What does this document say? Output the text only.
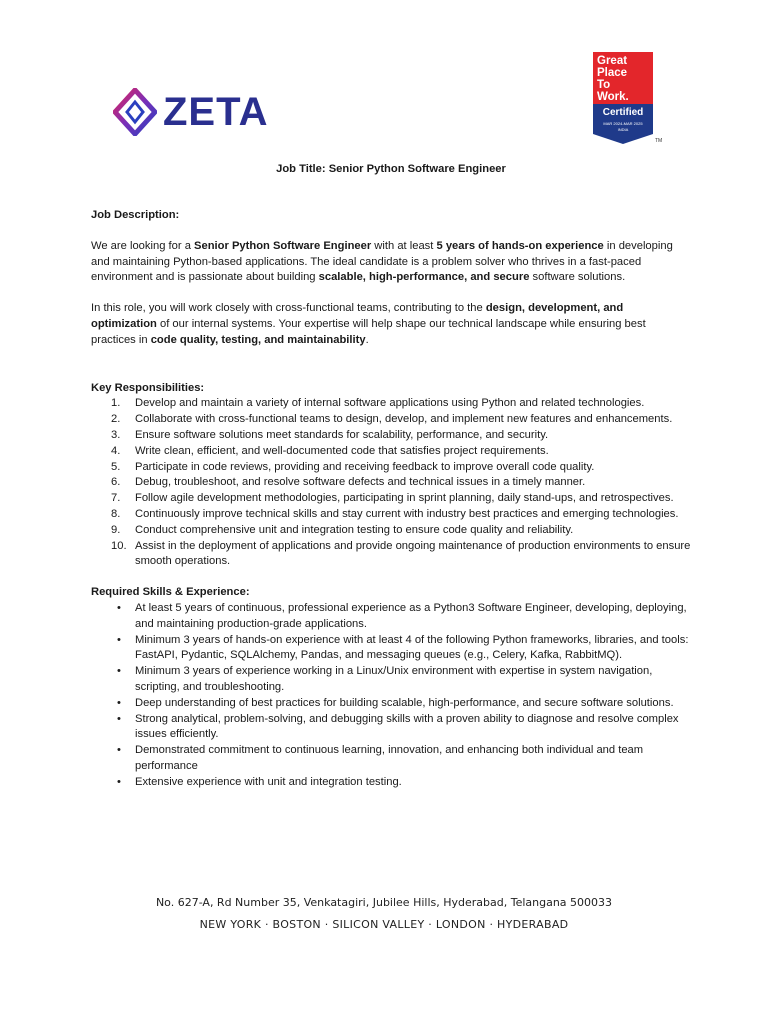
ZETA
Great
Place
To
Work.
Certified
MAR 2024-MAR 2025
INDIA
TM

Job Title: Senior Python Software Engineer

Job Description:

We are looking for a Senior Python Software Engineer with at least 5 years of hands-on experience in developing and maintaining Python-based applications. The ideal candidate is a problem solver who thrives in a fast-paced environment and is passionate about building scalable, high-performance, and secure software solutions.

In this role, you will work closely with cross-functional teams, contributing to the design, development, and optimization of our internal systems. Your expertise will help shape our technical landscape while ensuring best practices in code quality, testing, and maintainability.

Key Responsibilities:

1.	Develop and maintain a variety of internal software applications using Python and related technologies.
2.	Collaborate with cross-functional teams to design, develop, and implement new features and enhancements.
3.	Ensure software solutions meet standards for scalability, performance, and security.
4.	Write clean, efficient, and well-documented code that satisfies project requirements.
5.	Participate in code reviews, providing and receiving feedback to improve overall code quality.
6.	Debug, troubleshoot, and resolve software defects and technical issues in a timely manner.
7.	Follow agile development methodologies, participating in sprint planning, daily stand-ups, and retrospectives.
8.	Continuously improve technical skills and stay current with industry best practices and emerging technologies.
9.	Conduct comprehensive unit and integration testing to ensure code quality and reliability.
10. Assist in the deployment of applications and provide ongoing maintenance of production environments to ensure smooth operations.

Required Skills & Experience:

• At least 5 years of continuous, professional experience as a Python3 Software Engineer, developing, deploying, and maintaining production-grade applications.
• Minimum 3 years of hands-on experience with at least 4 of the following Python frameworks, libraries, and tools: FastAPI, Pydantic, SQLAlchemy, Pandas, and messaging queues (e.g., Celery, Kafka, RabbitMQ).
• Minimum 3 years of experience working in a Linux/Unix environment with expertise in system navigation, scripting, and troubleshooting.
• Deep understanding of best practices for building scalable, high-performance, and secure software solutions.
• Strong analytical, problem-solving, and debugging skills with a proven ability to diagnose and resolve complex issues efficiently.
• Demonstrated commitment to continuous learning, innovation, and enhancing both individual and team performance
• Extensive experience with unit and integration testing.
No. 627-A, Rd Number 35, Venkatagiri, Jubilee Hills, Hyderabad, Telangana 500033
NEW YORK · BOSTON · SILICON VALLEY · LONDON · HYDERABAD
